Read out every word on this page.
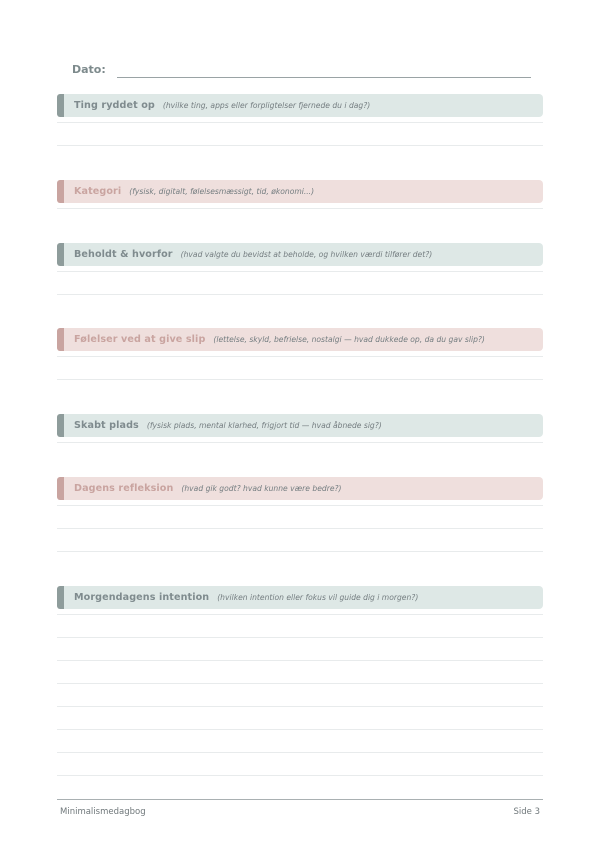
Dato:
Ting ryddet op (hvilke ting, apps eller forpligtelser fjernede du i dag?)
Kategori (fysisk, digitalt, følelsesmæssigt, tid, økonomi...)
Beholdt & hvorfor (hvad valgte du bevidst at beholde, og hvilken værdi tilfører det?)
Følelser ved at give slip (lettelse, skyld, befrielse, nostalgi — hvad dukkede op, da du gav slip?)
Skabt plads (fysisk plads, mental klarhed, frigjort tid — hvad åbnede sig?)
Dagens refleksion (hvad gik godt? hvad kunne være bedre?)
Morgendagens intention (hvilken intention eller fokus vil guide dig i morgen?)
Minimalismedagbog	Side 3
